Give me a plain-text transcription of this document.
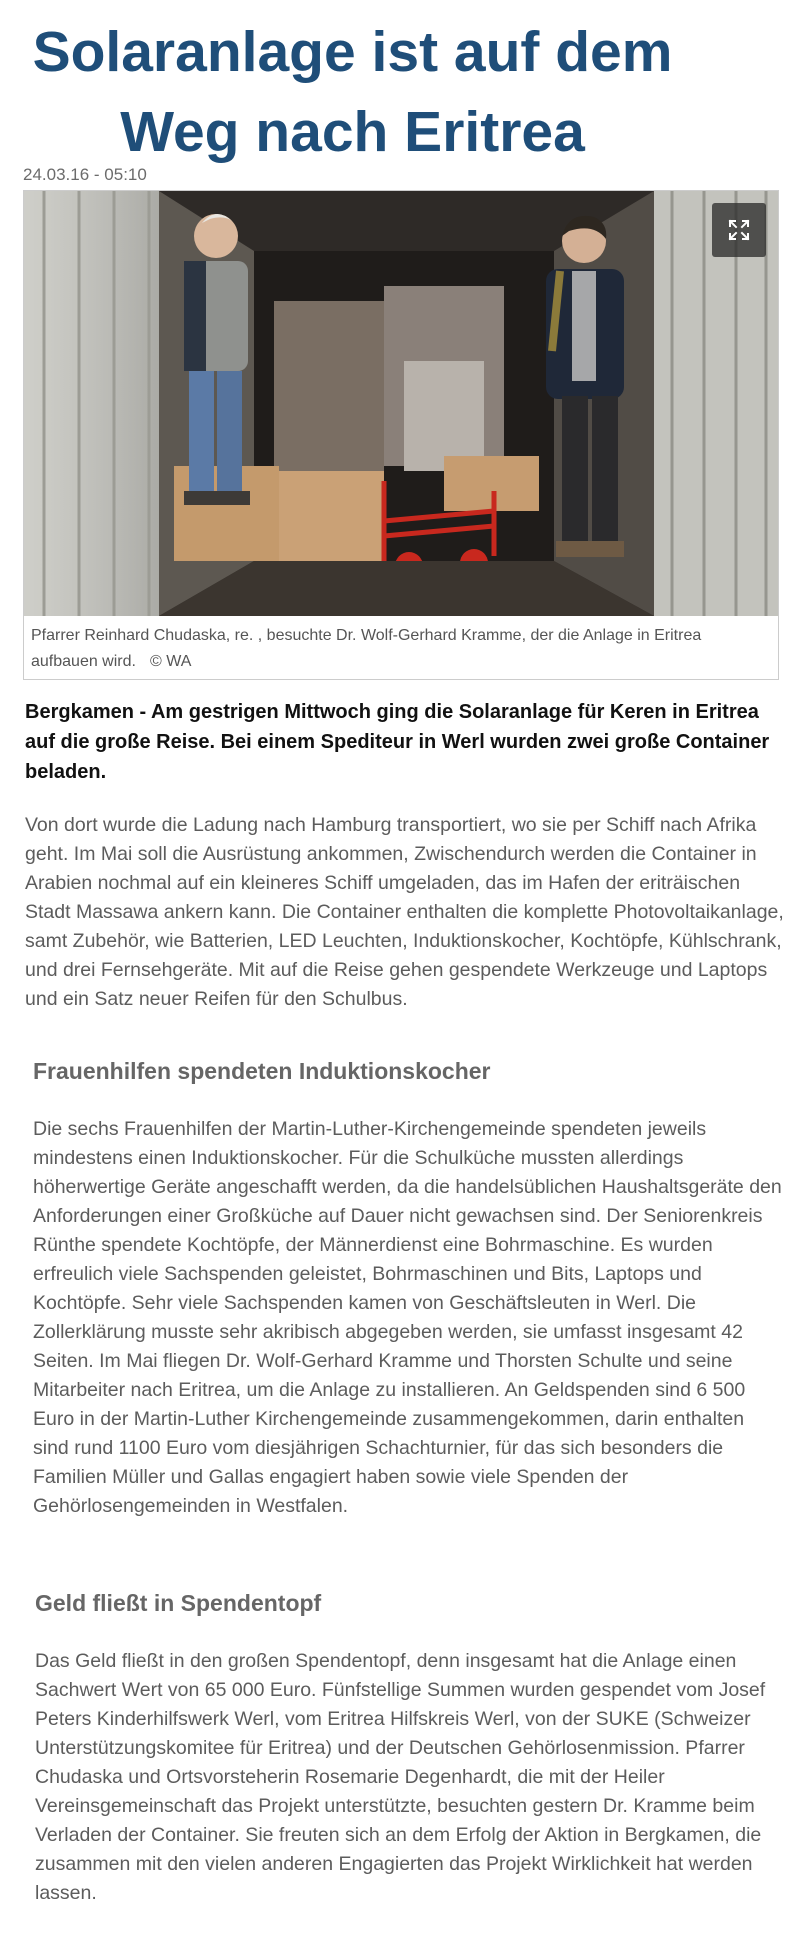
Solaranlage ist auf dem Weg nach Eritrea
24.03.16 - 05:10
Pfarrer Reinhard Chudaska, re. , besuchte Dr. Wolf-Gerhard Kramme, der die Anlage in Eritrea aufbauen wird. © WA

Bergkamen - Am gestrigen Mittwoch ging die Solaranlage für Keren in Eritrea auf die große Reise. Bei einem Spediteur in Werl wurden zwei große Container beladen.

Von dort wurde die Ladung nach Hamburg transportiert, wo sie per Schiff nach Afrika geht. Im Mai soll die Ausrüstung ankommen, Zwischendurch werden die Container in Arabien nochmal auf ein kleineres Schiff umgeladen, das im Hafen der eriträischen Stadt Massawa ankern kann. Die Container enthalten die komplette Photovoltaikanlage, samt Zubehör, wie Batterien, LED Leuchten, Induktionskocher, Kochtöpfe, Kühlschrank, und drei Fernsehgeräte. Mit auf die Reise gehen gespendete Werkzeuge und Laptops und ein Satz neuer Reifen für den Schulbus.

Frauenhilfen spendeten Induktionskocher

Die sechs Frauenhilfen der Martin-Luther-Kirchengemeinde spendeten jeweils mindestens einen Induktionskocher. Für die Schulküche mussten allerdings höherwertige Geräte angeschafft werden, da die handelsüblichen Haushaltsgeräte den Anforderungen einer Großküche auf Dauer nicht gewachsen sind. Der Seniorenkreis Rünthe spendete Kochtöpfe, der Männerdienst eine Bohrmaschine. Es wurden erfreulich viele Sachspenden geleistet, Bohrmaschinen und Bits, Laptops und Kochtöpfe. Sehr viele Sachspenden kamen von Geschäftsleuten in Werl. Die Zollerklärung musste sehr akribisch abgegeben werden, sie umfasst insgesamt 42 Seiten. Im Mai fliegen Dr. Wolf-Gerhard Kramme und Thorsten Schulte und seine Mitarbeiter nach Eritrea, um die Anlage zu installieren. An Geldspenden sind 6 500 Euro in der Martin-Luther Kirchengemeinde zusammengekommen, darin enthalten sind rund 1100 Euro vom diesjährigen Schachturnier, für das sich besonders die Familien Müller und Gallas engagiert haben sowie viele Spenden der Gehörlosengemeinden in Westfalen.

Geld fließt in Spendentopf

Das Geld fließt in den großen Spendentopf, denn insgesamt hat die Anlage einen Sachwert Wert von 65 000 Euro. Fünfstellige Summen wurden gespendet vom Josef Peters Kinderhilfswerk Werl, vom Eritrea Hilfskreis Werl, von der SUKE (Schweizer Unterstützungskomitee für Eritrea) und der Deutschen Gehörlosenmission. Pfarrer Chudaska und Ortsvorsteherin Rosemarie Degenhardt, die mit der Heiler Vereinsgemeinschaft das Projekt unterstützte, besuchten gestern Dr. Kramme beim Verladen der Container. Sie freuten sich an dem Erfolg der Aktion in Bergkamen, die zusammen mit den vielen anderen Engagierten das Projekt Wirklichkeit hat werden lassen.
